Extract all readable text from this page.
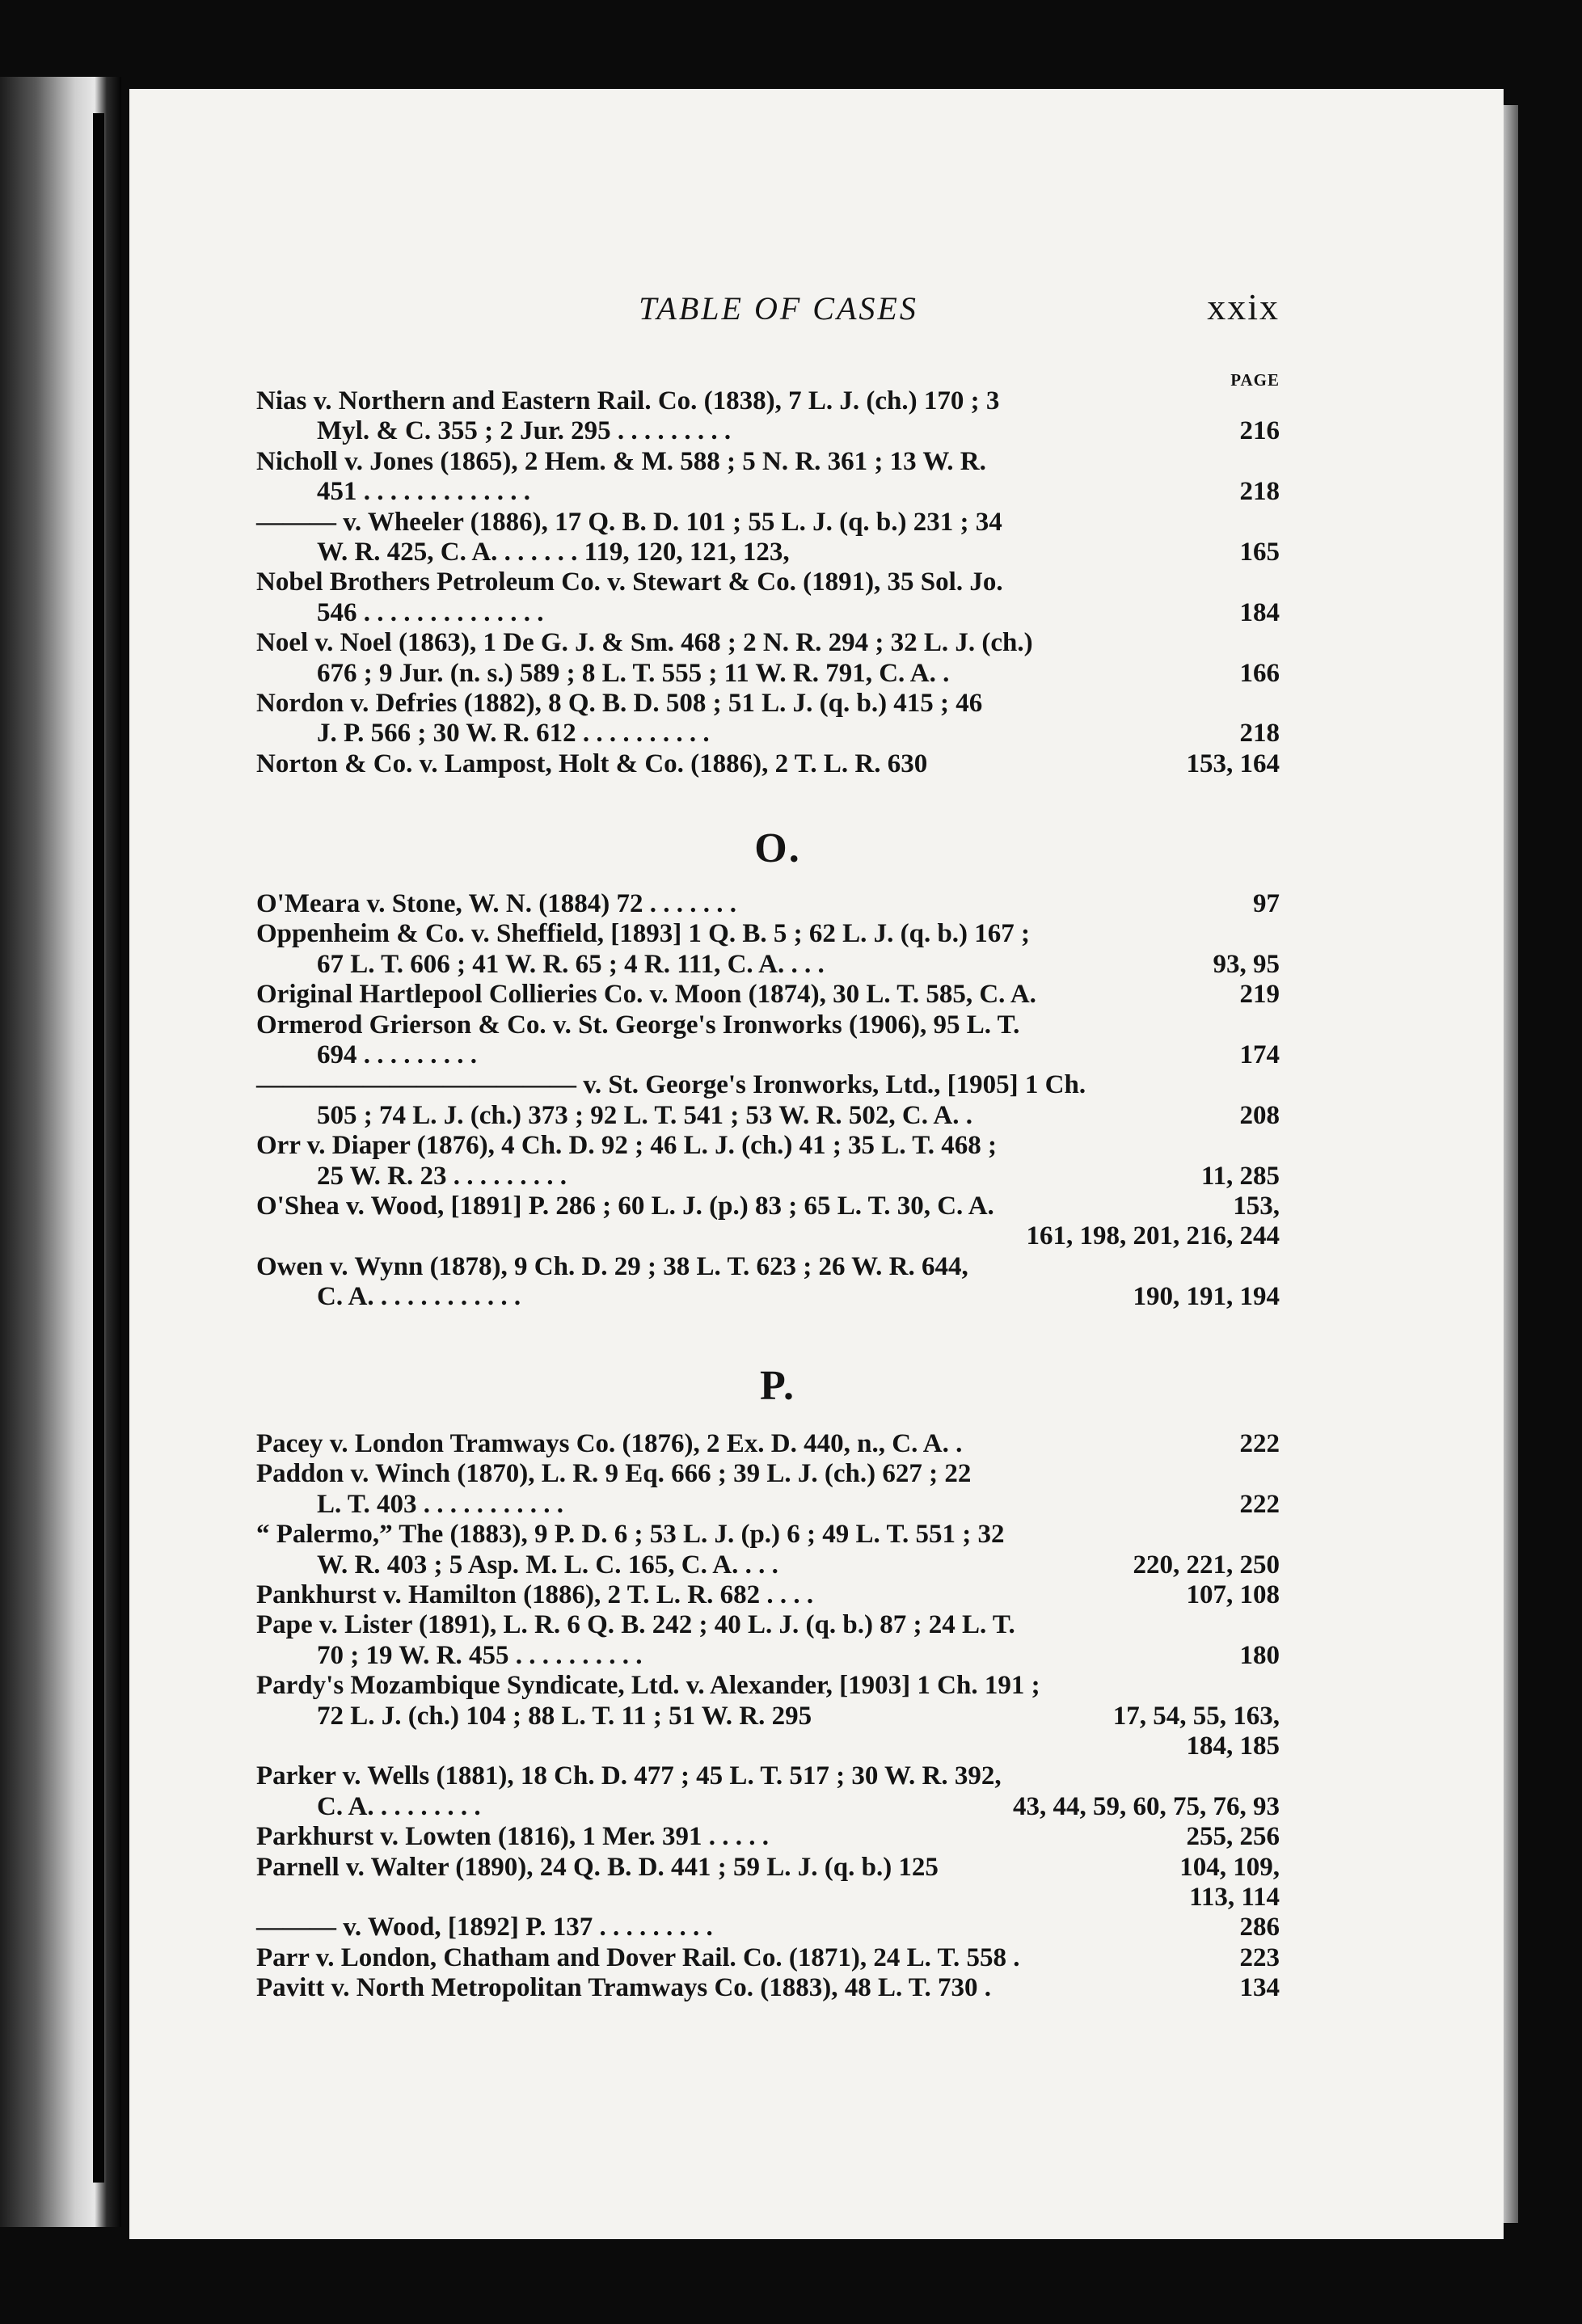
TABLE OF CASES	xxix
PAGE
Nias v. Northern and Eastern Rail. Co. (1838), 7 L. J. (ch.) 170 ; 3
Myl. & C. 355 ; 2 Jur. 295 . . . . . . . . .	216
Nicholl v. Jones (1865), 2 Hem. & M. 588 ; 5 N. R. 361 ; 13 W. R.
451 . . . . . . . . . . . . .	218
——— v. Wheeler (1886), 17 Q. B. D. 101 ; 55 L. J. (q. b.) 231 ; 34
W. R. 425, C. A. . . . . . . 119, 120, 121, 123,	165
Nobel Brothers Petroleum Co. v. Stewart & Co. (1891), 35 Sol. Jo.
546 . . . . . . . . . . . . . .	184
Noel v. Noel (1863), 1 De G. J. & Sm. 468 ; 2 N. R. 294 ; 32 L. J. (ch.)
676 ; 9 Jur. (n. s.) 589 ; 8 L. T. 555 ; 11 W. R. 791, C. A. .	166
Nordon v. Defries (1882), 8 Q. B. D. 508 ; 51 L. J. (q. b.) 415 ; 46
J. P. 566 ; 30 W. R. 612 . . . . . . . . . .	218
Norton & Co. v. Lampost, Holt & Co. (1886), 2 T. L. R. 630	153, 164
O.
O'Meara v. Stone, W. N. (1884) 72 . . . . . . .	97
Oppenheim & Co. v. Sheffield, [1893] 1 Q. B. 5 ; 62 L. J. (q. b.) 167 ;
67 L. T. 606 ; 41 W. R. 65 ; 4 R. 111, C. A. . . .	93, 95
Original Hartlepool Collieries Co. v. Moon (1874), 30 L. T. 585, C. A.	219
Ormerod Grierson & Co. v. St. George's Ironworks (1906), 95 L. T.
694 . . . . . . . . .	174
———————————— v. St. George's Ironworks, Ltd., [1905] 1 Ch.
505 ; 74 L. J. (ch.) 373 ; 92 L. T. 541 ; 53 W. R. 502, C. A. .	208
Orr v. Diaper (1876), 4 Ch. D. 92 ; 46 L. J. (ch.) 41 ; 35 L. T. 468 ;
25 W. R. 23 . . . . . . . . .	11, 285
O'Shea v. Wood, [1891] P. 286 ; 60 L. J. (p.) 83 ; 65 L. T. 30, C. A.	153,
161, 198, 201, 216, 244
Owen v. Wynn (1878), 9 Ch. D. 29 ; 38 L. T. 623 ; 26 W. R. 644,
C. A. . . . . . . . . . . .	190, 191, 194
P.
Pacey v. London Tramways Co. (1876), 2 Ex. D. 440, n., C. A. .	222
Paddon v. Winch (1870), L. R. 9 Eq. 666 ; 39 L. J. (ch.) 627 ; 22
L. T. 403 . . . . . . . . . . .	222
“ Palermo,” The (1883), 9 P. D. 6 ; 53 L. J. (p.) 6 ; 49 L. T. 551 ; 32
W. R. 403 ; 5 Asp. M. L. C. 165, C. A. . . .	220, 221, 250
Pankhurst v. Hamilton (1886), 2 T. L. R. 682 . . . .	107, 108
Pape v. Lister (1891), L. R. 6 Q. B. 242 ; 40 L. J. (q. b.) 87 ; 24 L. T.
70 ; 19 W. R. 455 . . . . . . . . . .	180
Pardy's Mozambique Syndicate, Ltd. v. Alexander, [1903] 1 Ch. 191 ;
72 L. J. (ch.) 104 ; 88 L. T. 11 ; 51 W. R. 295	17, 54, 55, 163,
184, 185
Parker v. Wells (1881), 18 Ch. D. 477 ; 45 L. T. 517 ; 30 W. R. 392,
C. A. . . . . . . . .	43, 44, 59, 60, 75, 76, 93
Parkhurst v. Lowten (1816), 1 Mer. 391 . . . . .	255, 256
Parnell v. Walter (1890), 24 Q. B. D. 441 ; 59 L. J. (q. b.) 125	104, 109,
113, 114
——— v. Wood, [1892] P. 137 . . . . . . . . .	286
Parr v. London, Chatham and Dover Rail. Co. (1871), 24 L. T. 558 .	223
Pavitt v. North Metropolitan Tramways Co. (1883), 48 L. T. 730 .	134
